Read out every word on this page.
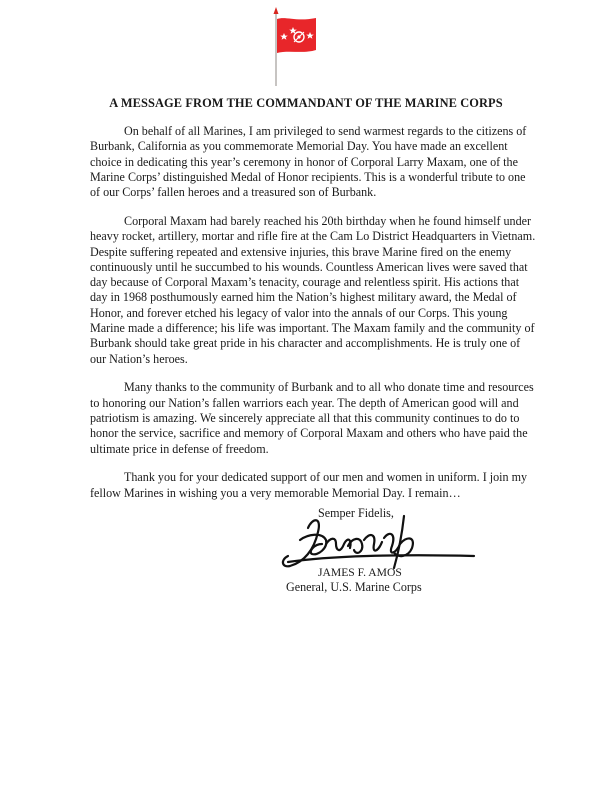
A MESSAGE FROM THE COMMANDANT OF THE MARINE CORPS

On behalf of all Marines, I am privileged to send warmest regards to the citizens of Burbank, California as you commemorate Memorial Day. You have made an excellent choice in dedicating this year’s ceremony in honor of Corporal Larry Maxam, one of the Marine Corps’ distinguished Medal of Honor recipients. This is a wonderful tribute to one of our Corps’ fallen heroes and a treasured son of Burbank.

Corporal Maxam had barely reached his 20th birthday when he found himself under heavy rocket, artillery, mortar and rifle fire at the Cam Lo District Headquarters in Vietnam. Despite suffering repeated and extensive injuries, this brave Marine fired on the enemy continuously until he succumbed to his wounds. Countless American lives were saved that day because of Corporal Maxam’s tenacity, courage and relentless spirit. His actions that day in 1968 posthumously earned him the Nation’s highest military award, the Medal of Honor, and forever etched his legacy of valor into the annals of our Corps. This young Marine made a difference; his life was important. The Maxam family and the community of Burbank should take great pride in his character and accomplishments. He is truly one of our Nation’s heroes.

Many thanks to the community of Burbank and to all who donate time and resources to honoring our Nation’s fallen warriors each year. The depth of American good will and patriotism is amazing. We sincerely appreciate all that this community continues to do to honor the service, sacrifice and memory of Corporal Maxam and others who have paid the ultimate price in defense of freedom.

Thank you for your dedicated support of our men and women in uniform. I join my fellow Marines in wishing you a very memorable Memorial Day. I remain…

Semper Fidelis,
JAMES F. AMOS
General, U.S. Marine Corps
